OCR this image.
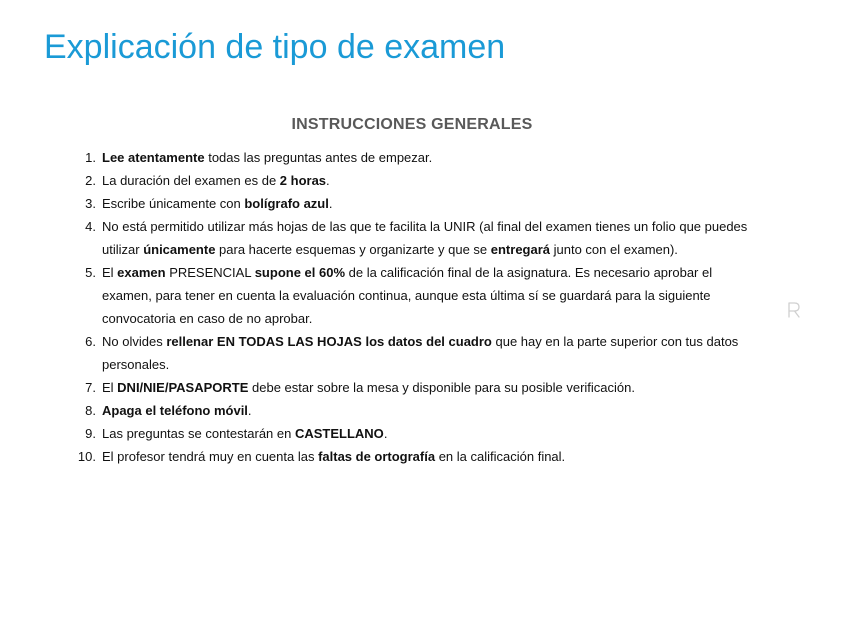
Explicación de tipo de examen
INSTRUCCIONES GENERALES
1. Lee atentamente todas las preguntas antes de empezar.
2. La duración del examen es de 2 horas.
3. Escribe únicamente con bolígrafo azul.
4. No está permitido utilizar más hojas de las que te facilita la UNIR (al final del examen tienes un folio que puedes utilizar únicamente para hacerte esquemas y organizarte y que se entregará junto con el examen).
5. El examen PRESENCIAL supone el 60% de la calificación final de la asignatura. Es necesario aprobar el examen, para tener en cuenta la evaluación continua, aunque esta última sí se guardará para la siguiente convocatoria en caso de no aprobar.
6. No olvides rellenar EN TODAS LAS HOJAS los datos del cuadro que hay en la parte superior con tus datos personales.
7. El DNI/NIE/PASAPORTE debe estar sobre la mesa y disponible para su posible verificación.
8. Apaga el teléfono móvil.
9. Las preguntas se contestarán en CASTELLANO.
10. El profesor tendrá muy en cuenta las faltas de ortografía en la calificación final.
